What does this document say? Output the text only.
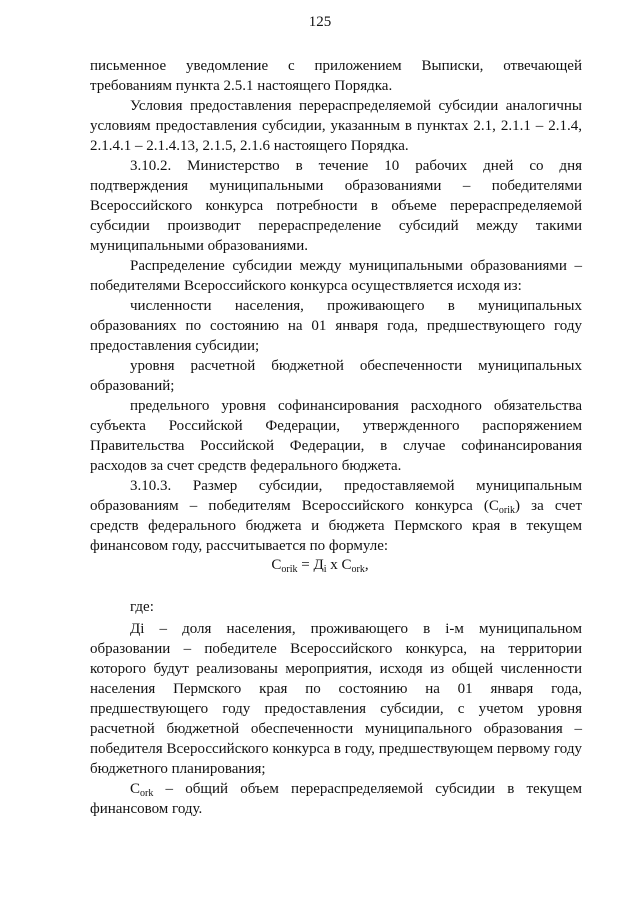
125
письменное уведомление с приложением Выписки, отвечающей требованиям пункта 2.5.1 настоящего Порядка.
Условия предоставления перераспределяемой субсидии аналогичны условиям предоставления субсидии, указанным в пунктах 2.1, 2.1.1 – 2.1.4, 2.1.4.1 – 2.1.4.13, 2.1.5, 2.1.6 настоящего Порядка.
3.10.2. Министерство в течение 10 рабочих дней со дня подтверждения муниципальными образованиями – победителями Всероссийского конкурса потребности в объеме перераспределяемой субсидии производит перераспределение субсидий между такими муниципальными образованиями.
Распределение субсидии между муниципальными образованиями – победителями Всероссийского конкурса осуществляется исходя из:
численности населения, проживающего в муниципальных образованиях по состоянию на 01 января года, предшествующего году предоставления субсидии;
уровня расчетной бюджетной обеспеченности муниципальных образований;
предельного уровня софинансирования расходного обязательства субъекта Российской Федерации, утвержденного распоряжением Правительства Российской Федерации, в случае софинансирования расходов за счет средств федерального бюджета.
3.10.3. Размер субсидии, предоставляемой муниципальным образованиям – победителям Всероссийского конкурса $(С_{orik})$ за счет средств федерального бюджета и бюджета Пермского края в текущем финансовом году, рассчитывается по формуле:
$С_{orik} = Д_i$ x $С_{ork}$,
где:
Дi – доля населения, проживающего в i-м муниципальном образовании – победителе Всероссийского конкурса, на территории которого будут реализованы мероприятия, исходя из общей численности населения Пермского края по состоянию на 01 января года, предшествующего году предоставления субсидии, с учетом уровня расчетной бюджетной обеспеченности муниципального образования – победителя Всероссийского конкурса в году, предшествующем первому году бюджетного планирования;
$С_{ork}$ – общий объем перераспределяемой субсидии в текущем финансовом году.
